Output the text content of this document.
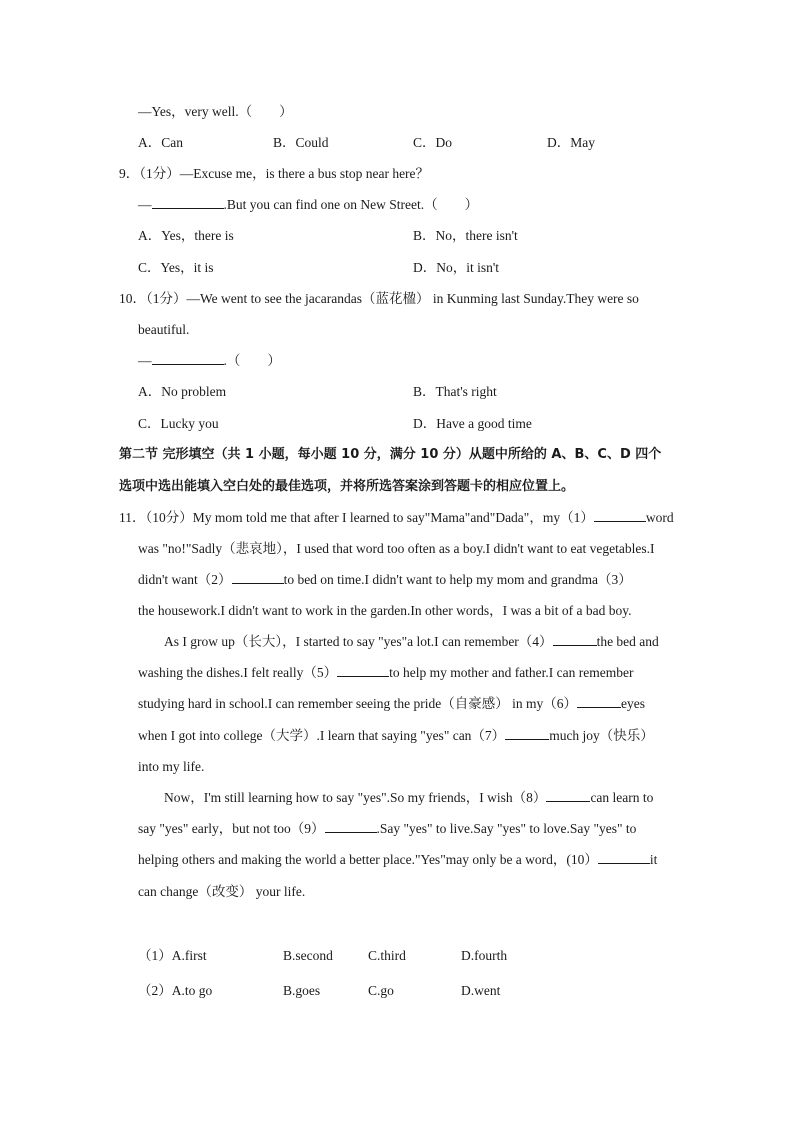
—Yes，very well.（　　）
A．Can	B．Could	C．Do	D．May
9．（1分）—Excuse me，is there a bus stop near here？
—	.But you can find one on New Street.（　　）
A．Yes，there is	B．No，there isn't
C．Yes，it is	D．No，it isn't
10．（1分）—We went to see the jacarandas（蓝花楹） in Kunming last Sunday.They were so
beautiful.
—	.（　　）
A．No problem	B．That's right
C．Lucky you	D．Have a good time
第二节 完形填空（共 1 小题，每小题 10 分，满分 10 分）从题中所给的 A、B、C、D 四个
选项中选出能填入空白处的最佳选项，并将所选答案涂到答题卡的相应位置上。
11．（10分）My mom told me that after I learned to say"Mama"and"Dada"，my（1）	word
was "no!"Sadly（悲哀地），I used that word too often as a boy.I didn't want to eat vegetables.I
didn't want（2）	to bed on time.I didn't want to help my mom and grandma（3）
the housework.I didn't want to work in the garden.In other words，I was a bit of a bad boy.
As I grow up（长大），I started to say "yes"a lot.I can remember（4）	the bed and
washing the dishes.I felt really（5）	to help my mother and father.I can remember
studying hard in school.I can remember seeing the pride（自豪感） in my（6）	eyes
when I got into college（大学）.I learn that saying "yes" can（7）	much joy（快乐）
into my life.
Now，I'm still learning how to say "yes".So my friends，I wish（8）	can learn to
say "yes" early，but not too（9）	.Say "yes" to live.Say "yes" to love.Say "yes" to
helping others and making the world a better place."Yes"may only be a word，(10）	it
can change（改变） your life.
（1）A.first	B.second	C.third	D.fourth
（2）A.to go	B.goes	C.go	D.went
